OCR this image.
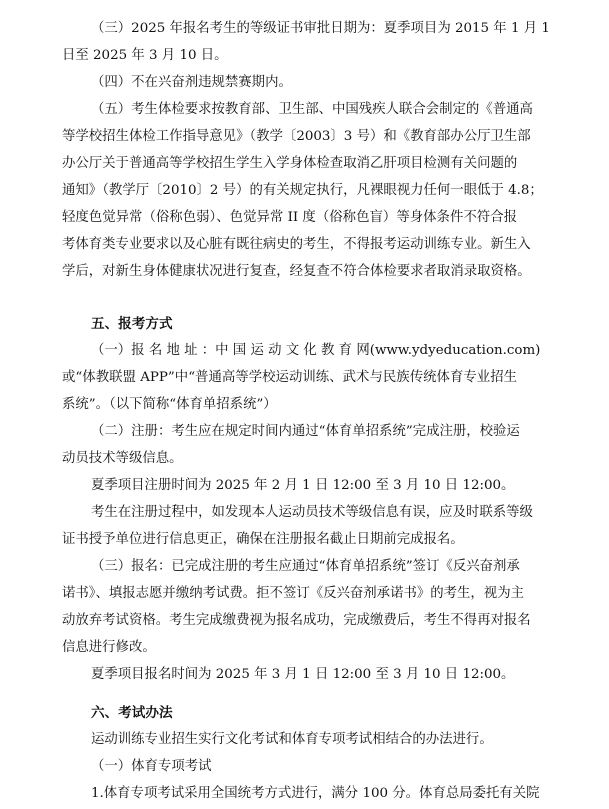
（三）2025 年报名考生的等级证书审批日期为：夏季项目为 2015 年 1 月 1
日至 2025 年 3 月 10 日。
（四）不在兴奋剂违规禁赛期内。
（五）考生体检要求按教育部、卫生部、中国残疾人联合会制定的《普通高
等学校招生体检工作指导意见》（教学〔2003〕3 号）和《教育部办公厅卫生部
办公厅关于普通高等学校招生学生入学身体检查取消乙肝项目检测有关问题的
通知》（教学厅〔2010〕2 号）的有关规定执行，凡裸眼视力任何一眼低于 4.8；
轻度色觉异常（俗称色弱）、色觉异常 II 度（俗称色盲）等身体条件不符合报
考体育类专业要求以及心脏有既往病史的考生，不得报考运动训练专业。新生入
学后，对新生身体健康状况进行复查，经复查不符合体检要求者取消录取资格。
五、报考方式
（一）报 名 地 址 ：中 国 运 动 文 化 教 育 网(www.ydyeducation.com)
或“体教联盟 APP”中“普通高等学校运动训练、武术与民族传统体育专业招生
系统”。（以下简称“体育单招系统”）
（二）注册：考生应在规定时间内通过“体育单招系统”完成注册，校验运
动员技术等级信息。
夏季项目注册时间为 2025 年 2 月 1 日 12:00 至 3 月 10 日 12:00。
考生在注册过程中，如发现本人运动员技术等级信息有误，应及时联系等级
证书授予单位进行信息更正，确保在注册报名截止日期前完成报名。
（三）报名：已完成注册的考生应通过“体育单招系统”签订《反兴奋剂承
诺书》、填报志愿并缴纳考试费。拒不签订《反兴奋剂承诺书》的考生，视为主
动放弃考试资格。考生完成缴费视为报名成功，完成缴费后，考生不得再对报名
信息进行修改。
夏季项目报名时间为 2025 年 3 月 1 日 12:00 至 3 月 10 日 12:00。
六、考试办法
运动训练专业招生实行文化考试和体育专项考试相结合的办法进行。
（一）体育专项考试
1.体育专项考试采用全国统考方式进行，满分 100 分。体育总局委托有关院
